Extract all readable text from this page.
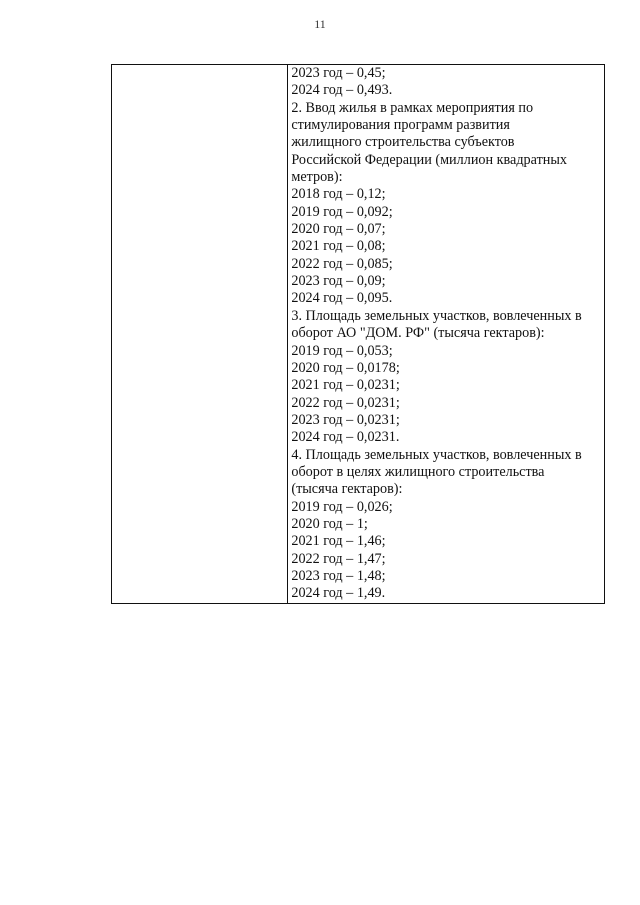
11

2023 год – 0,45;
2024 год – 0,493.
2. Ввод жилья в рамках мероприятия по
стимулирования программ развития
жилищного строительства субъектов
Российской Федерации (миллион квадратных
метров):
2018 год – 0,12;
2019 год – 0,092;
2020 год – 0,07;
2021 год – 0,08;
2022 год – 0,085;
2023 год – 0,09;
2024 год – 0,095.
3. Площадь земельных участков, вовлеченных в
оборот АО "ДОМ. РФ" (тысяча гектаров):
2019 год – 0,053;
2020 год – 0,0178;
2021 год – 0,0231;
2022 год – 0,0231;
2023 год – 0,0231;
2024 год – 0,0231.
4. Площадь земельных участков, вовлеченных в
оборот в целях жилищного строительства
(тысяча гектаров):
2019 год – 0,026;
2020 год – 1;
2021 год – 1,46;
2022 год – 1,47;
2023 год – 1,48;
2024 год – 1,49.
